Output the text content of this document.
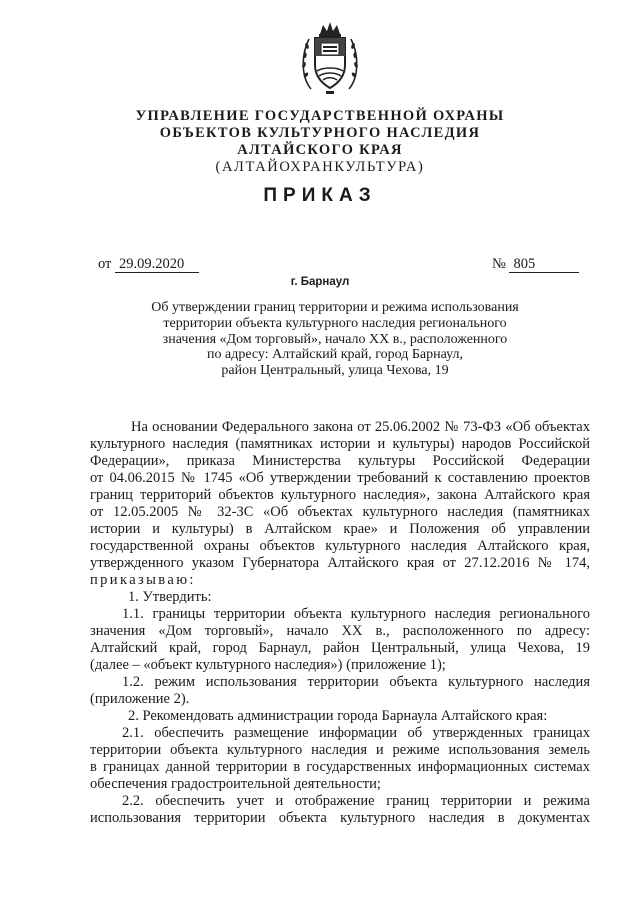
УПРАВЛЕНИЕ ГОСУДАРСТВЕННОЙ ОХРАНЫ
ОБЪЕКТОВ КУЛЬТУРНОГО НАСЛЕДИЯ
АЛТАЙСКОГО КРАЯ
(АЛТАЙОХРАНКУЛЬТУРА)
ПРИКАЗ
от 29.09.2020	№ 805
г. Барнаул
Об утверждении границ территории и режима использования
территории объекта культурного наследия регионального
значения «Дом торговый», начало XX в., расположенного
по адресу: Алтайский край, город Барнаул,
район Центральный, улица Чехова, 19
На основании Федерального закона от 25.06.2002 № 73-ФЗ «Об объектах
культурного наследия (памятниках истории и культуры) народов Российской
Федерации», приказа Министерства культуры Российской Федерации
от 04.06.2015 № 1745 «Об утверждении требований к составлению проектов
границ территорий объектов культурного наследия», закона Алтайского края
от 12.05.2005 № 32-ЗС «Об объектах культурного наследия (памятниках
истории и культуры) в Алтайском крае» и Положения об управлении
государственной охраны объектов культурного наследия Алтайского края,
утвержденного указом Губернатора Алтайского края от 27.12.2016 № 174,
приказываю:
1. Утвердить:
1.1. границы территории объекта культурного наследия регионального
значения «Дом торговый», начало XX в., расположенного по адресу:
Алтайский край, город Барнаул, район Центральный, улица Чехова, 19
(далее – «объект культурного наследия») (приложение 1);
1.2. режим использования территории объекта культурного наследия
(приложение 2).
2. Рекомендовать администрации города Барнаула Алтайского края:
2.1. обеспечить размещение информации об утвержденных границах
территории объекта культурного наследия и режиме использования земель
в границах данной территории в государственных информационных системах
обеспечения градостроительной деятельности;
2.2. обеспечить учет и отображение границ территории и режима
использования территории объекта культурного наследия в документах
